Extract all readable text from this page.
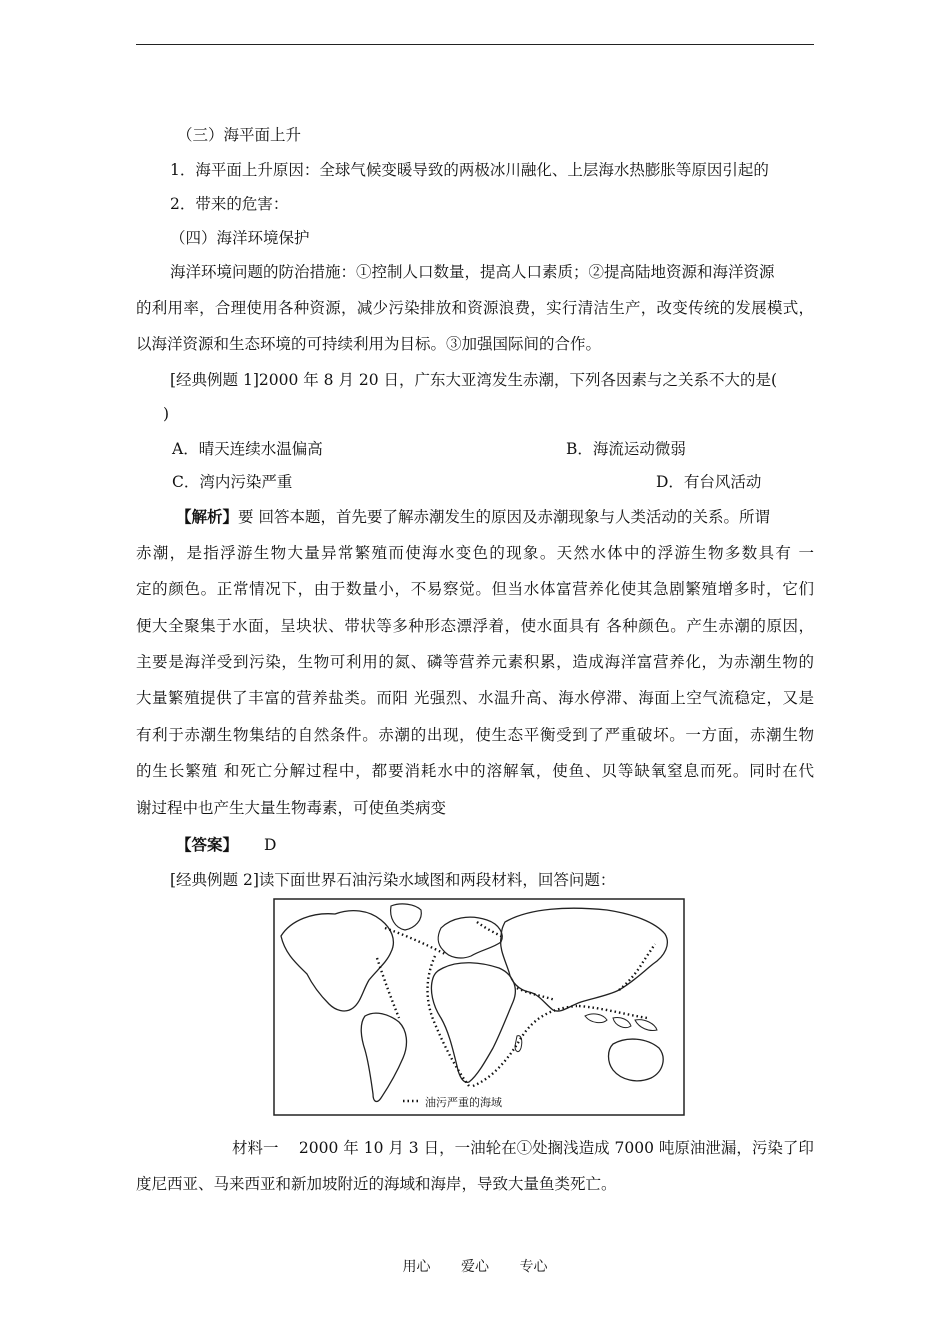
（三）海平面上升
1．海平面上升原因：全球气候变暖导致的两极冰川融化、上层海水热膨胀等原因引起的
2．带来的危害：
（四）海洋环境保护
海洋环境问题的防治措施：①控制人口数量，提高人口素质；②提高陆地资源和海洋资源
的利用率，合理使用各种资源，减少污染排放和资源浪费，实行清洁生产，改变传统的发展模式，
以海洋资源和生态环境的可持续利用为目标。③加强国际间的合作。
[经典例题 1]2000 年 8 月 20 日，广东大亚湾发生赤潮，下列各因素与之关系不大的是(
)
A．晴天连续水温偏高	B．海流运动微弱
C．湾内污染严重	D．有台风活动
【解析】要 回答本题，首先要了解赤潮发生的原因及赤潮现象与人类活动的关系。所谓
赤潮，是指浮游生物大量异常繁殖而使海水变色的现象。天然水体中的浮游生物多数具有 一
定的颜色。正常情况下，由于数量小，不易察觉。但当水体富营养化使其急剧繁殖增多时，它们
便大全聚集于水面，呈块状、带状等多种形态漂浮着，使水面具有 各种颜色。产生赤潮的原因，
主要是海洋受到污染，生物可利用的氮、磷等营养元素积累，造成海洋富营养化，为赤潮生物的
大量繁殖提供了丰富的营养盐类。而阳 光强烈、水温升高、海水停滞、海面上空气流稳定，又是
有利于赤潮生物集结的自然条件。赤潮的出现，使生态平衡受到了严重破坏。一方面，赤潮生物
的生长繁殖 和死亡分解过程中，都要消耗水中的溶解氧，使鱼、贝等缺氧窒息而死。同时在代
谢过程中也产生大量生物毒素，可使鱼类病变
【答案】 D
[经典例题 2]读下面世界石油污染水域图和两段材料，回答问题：
油污严重的海域
材料一　 2000 年 10 月 3 日，一油轮在①处搁浅造成 7000 吨原油泄漏，污染了印
度尼西亚、马来西亚和新加坡附近的海域和海岸，导致大量鱼类死亡。
用心 爱心 专心
